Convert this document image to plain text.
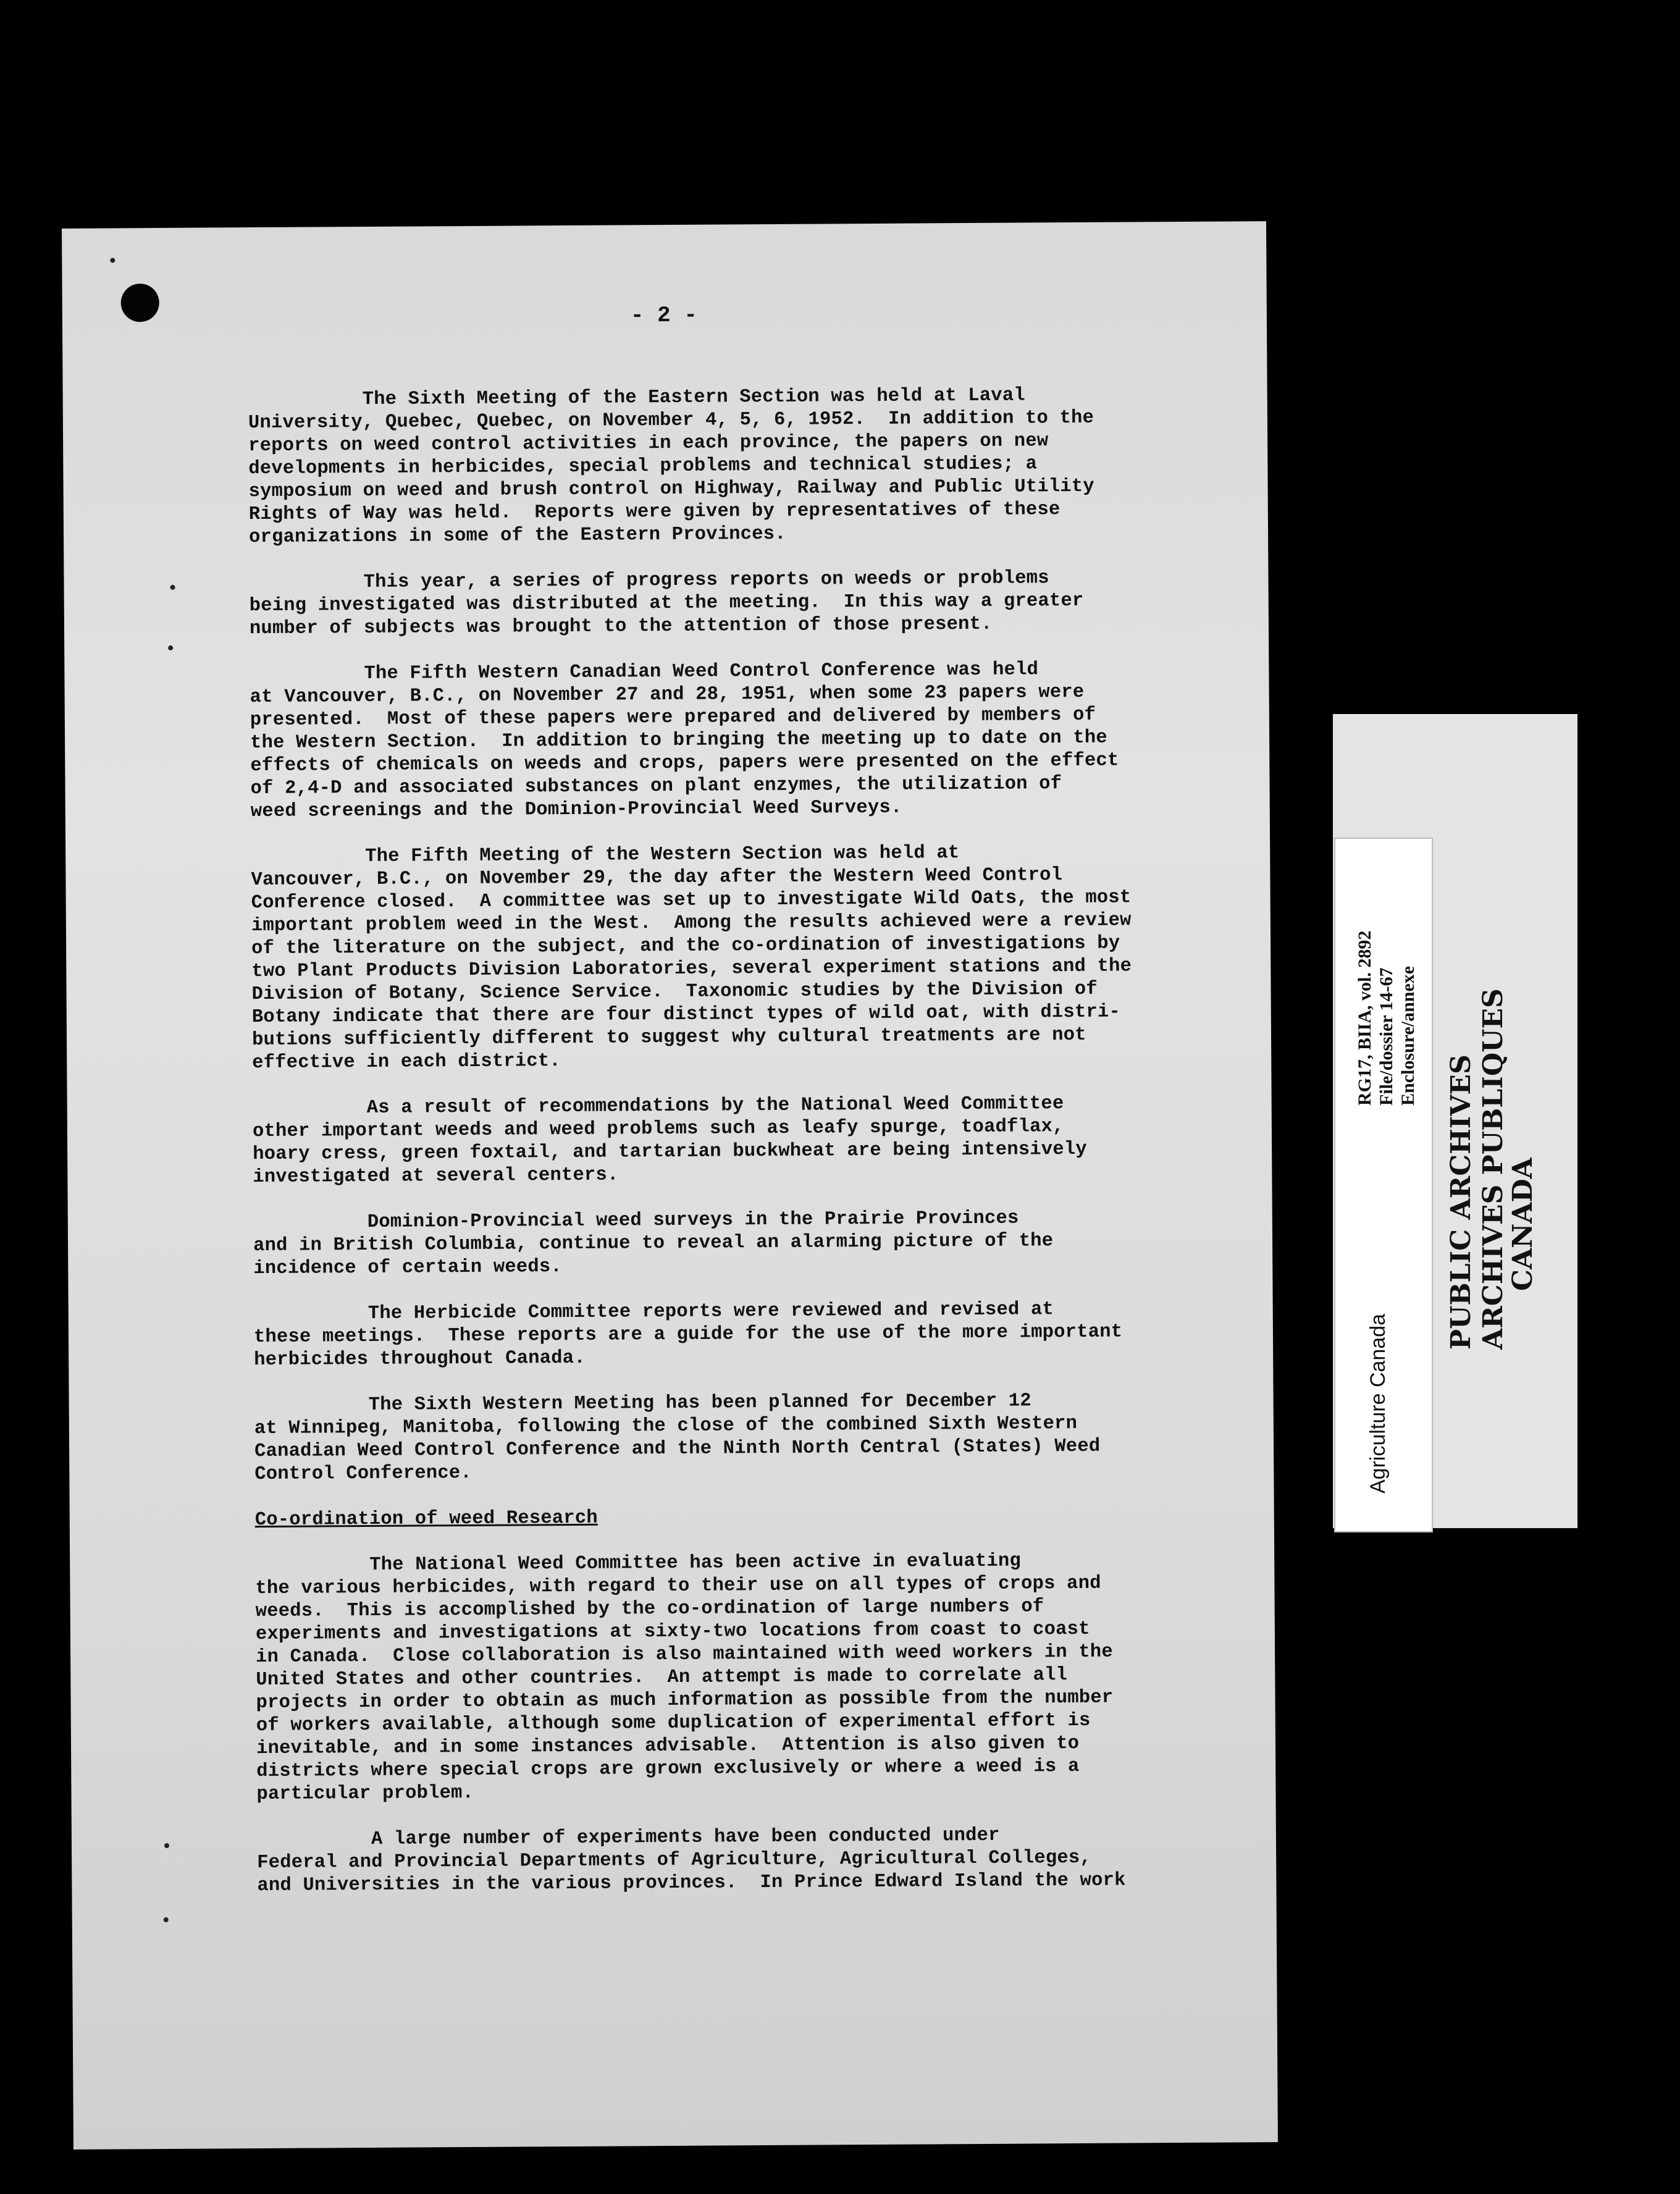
- 2 -

The Sixth Meeting of the Eastern Section was held at Laval
University, Quebec, Quebec, on November 4, 5, 6, 1952.  In addition to the
reports on weed control activities in each province, the papers on new
developments in herbicides, special problems and technical studies; a
symposium on weed and brush control on Highway, Railway and Public Utility
Rights of Way was held.  Reports were given by representatives of these
organizations in some of the Eastern Provinces.

This year, a series of progress reports on weeds or problems
being investigated was distributed at the meeting.  In this way a greater
number of subjects was brought to the attention of those present.

The Fifth Western Canadian Weed Control Conference was held
at Vancouver, B.C., on November 27 and 28, 1951, when some 23 papers were
presented.  Most of these papers were prepared and delivered by members of
the Western Section.  In addition to bringing the meeting up to date on the
effects of chemicals on weeds and crops, papers were presented on the effect
of 2,4-D and associated substances on plant enzymes, the utilization of
weed screenings and the Dominion-Provincial Weed Surveys.

The Fifth Meeting of the Western Section was held at
Vancouver, B.C., on November 29, the day after the Western Weed Control
Conference closed.  A committee was set up to investigate Wild Oats, the most
important problem weed in the West.  Among the results achieved were a review
of the literature on the subject, and the co-ordination of investigations by
two Plant Products Division Laboratories, several experiment stations and the
Division of Botany, Science Service.  Taxonomic studies by the Division of
Botany indicate that there are four distinct types of wild oat, with distri-
butions sufficiently different to suggest why cultural treatments are not
effective in each district.

As a result of recommendations by the National Weed Committee
other important weeds and weed problems such as leafy spurge, toadflax,
hoary cress, green foxtail, and tartarian buckwheat are being intensively
investigated at several centers.

Dominion-Provincial weed surveys in the Prairie Provinces
and in British Columbia, continue to reveal an alarming picture of the
incidence of certain weeds.

The Herbicide Committee reports were reviewed and revised at
these meetings.  These reports are a guide for the use of the more important
herbicides throughout Canada.

The Sixth Western Meeting has been planned for December 12
at Winnipeg, Manitoba, following the close of the combined Sixth Western
Canadian Weed Control Conference and the Ninth North Central (States) Weed
Control Conference.

Co-ordination of weed Research

The National Weed Committee has been active in evaluating
the various herbicides, with regard to their use on all types of crops and
weeds.  This is accomplished by the co-ordination of large numbers of
experiments and investigations at sixty-two locations from coast to coast
in Canada.  Close collaboration is also maintained with weed workers in the
United States and other countries.  An attempt is made to correlate all
projects in order to obtain as much information as possible from the number
of workers available, although some duplication of experimental effort is
inevitable, and in some instances advisable.  Attention is also given to
districts where special crops are grown exclusively or where a weed is a
particular problem.

A large number of experiments have been conducted under
Federal and Provincial Departments of Agriculture, Agricultural Colleges,
and Universities in the various provinces.  In Prince Edward Island the work

Agriculture Canada
RG17, BIIA, vol. 2892 File/dossier 14-67 Enclosure/annexe
PUBLIC ARCHIVES ARCHIVES PUBLIQUES
CANADA
